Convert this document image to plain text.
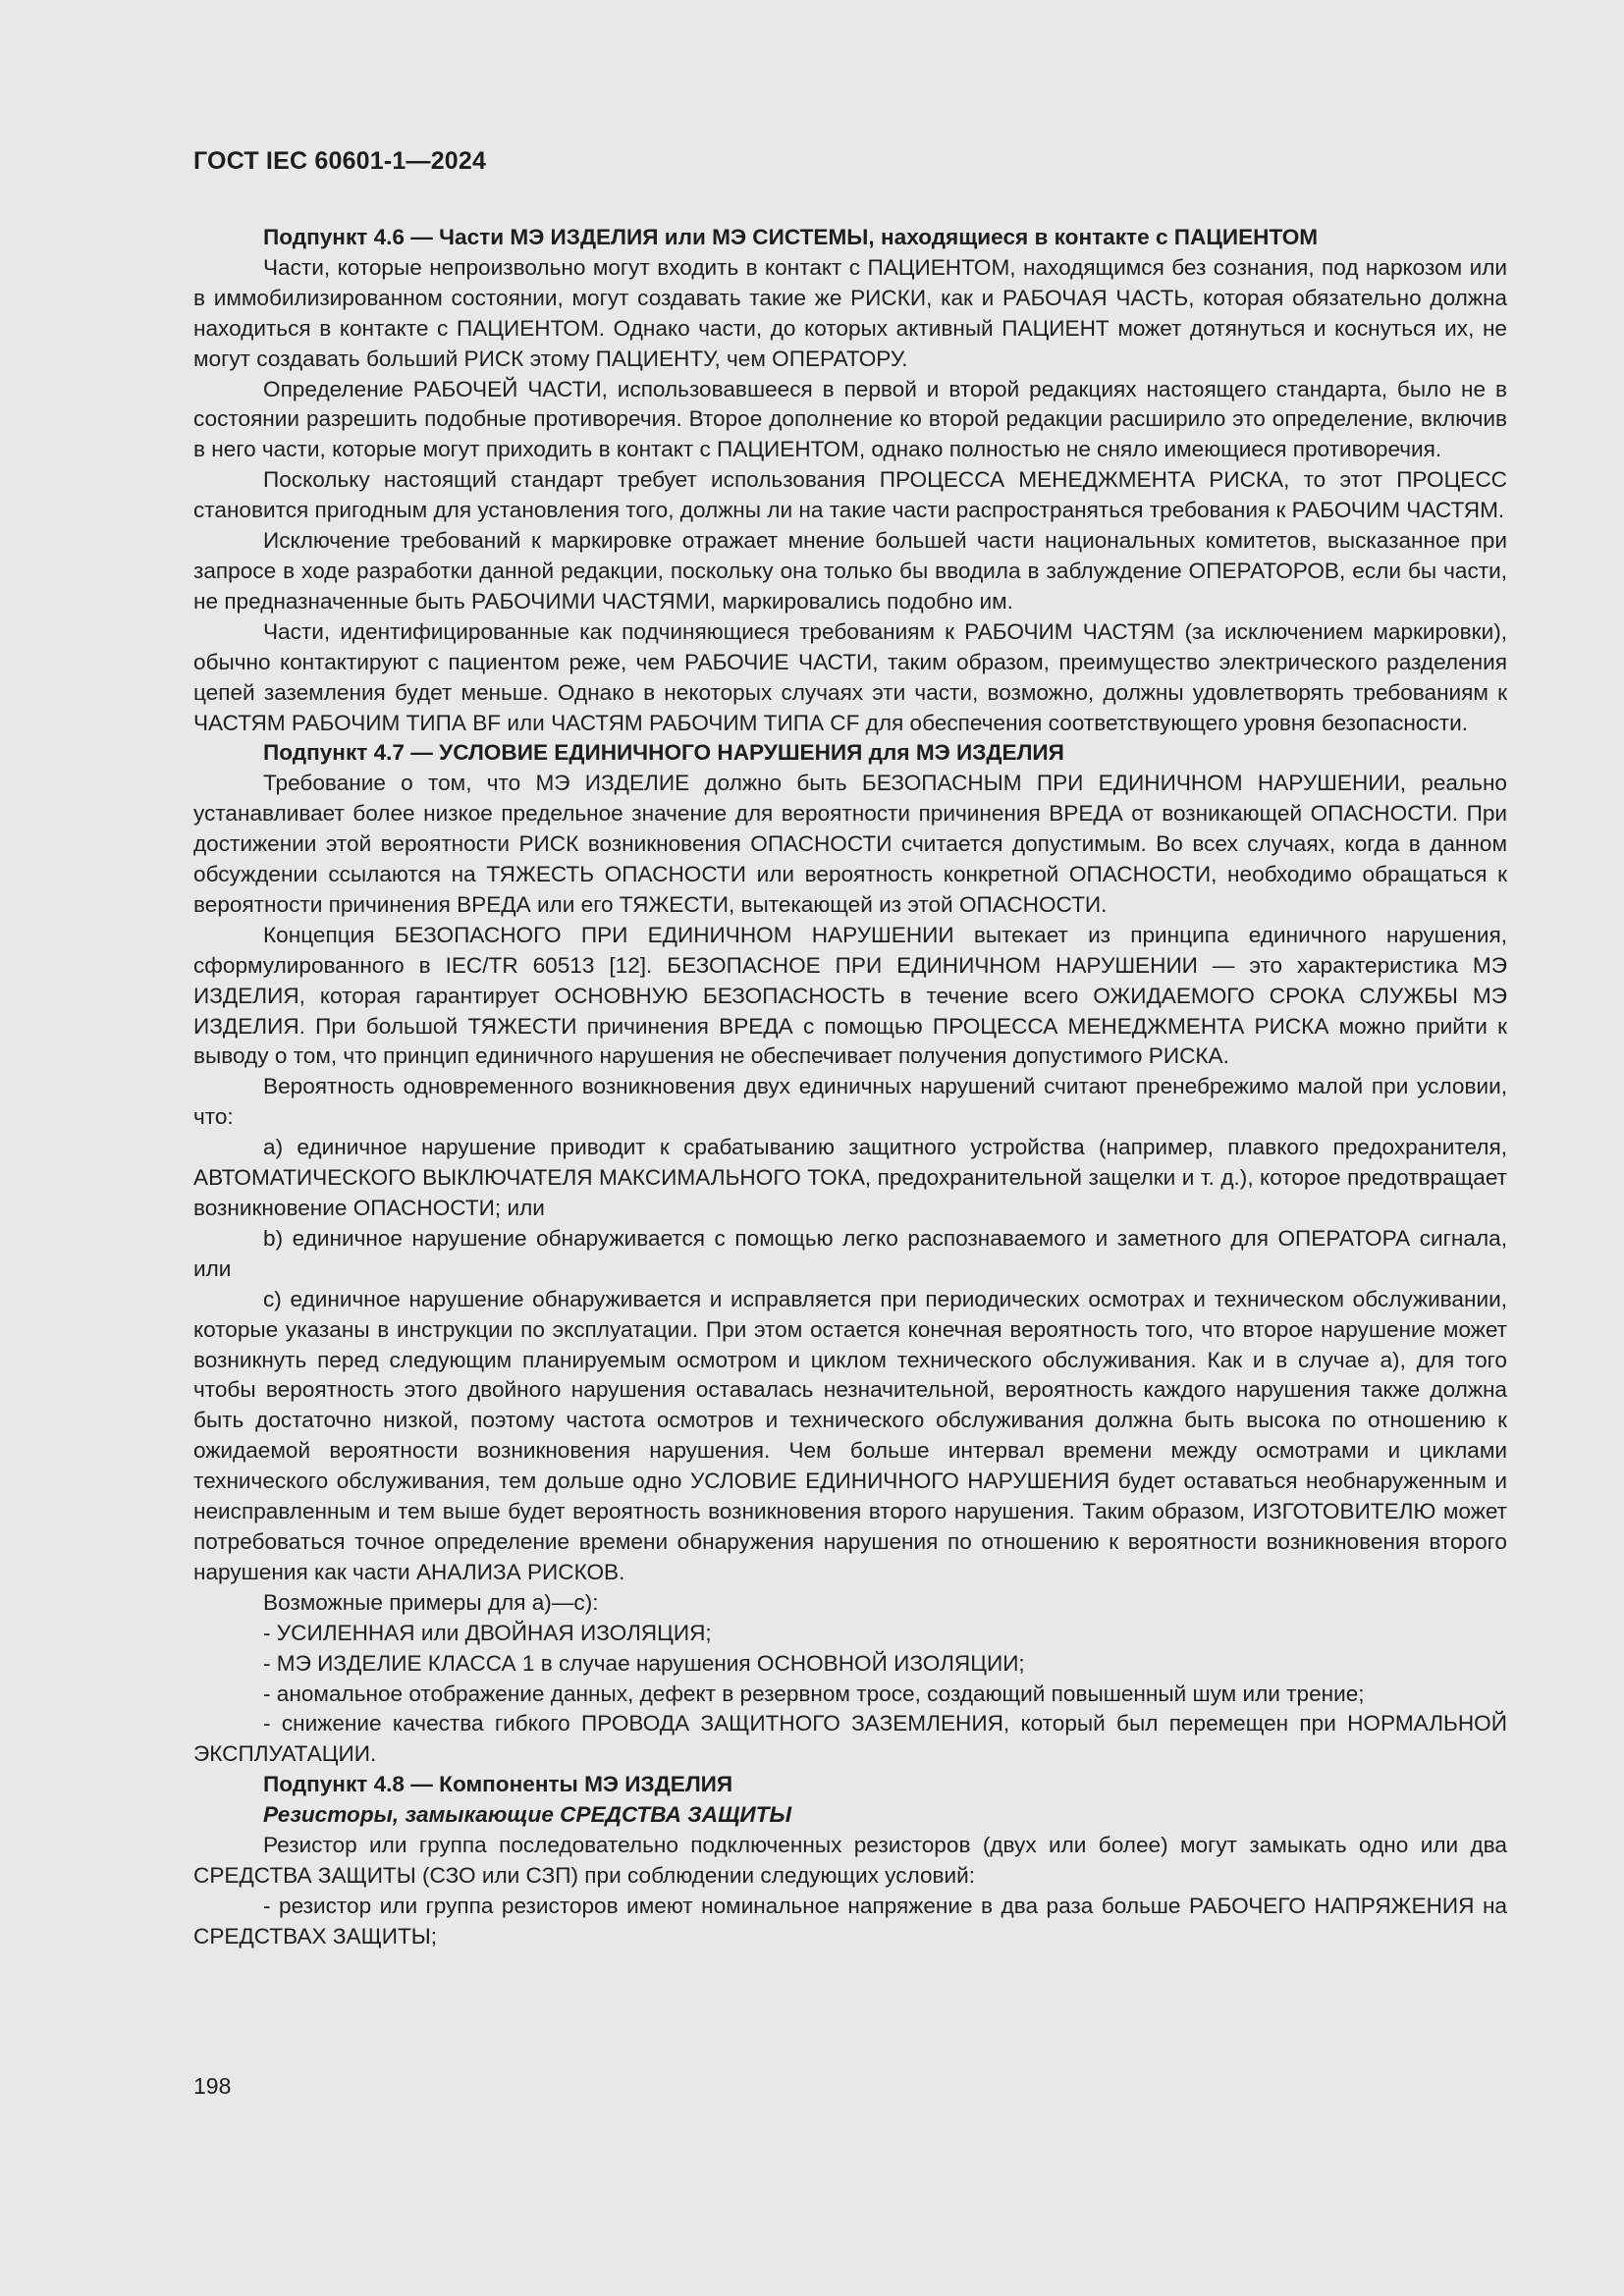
ГОСТ IEC 60601-1—2024

Подпункт 4.6 — Части МЭ ИЗДЕЛИЯ или МЭ СИСТЕМЫ, находящиеся в контакте с ПАЦИЕНТОМ

Части, которые непроизвольно могут входить в контакт с ПАЦИЕНТОМ, находящимся без сознания, под наркозом или в иммобилизированном состоянии, могут создавать такие же РИСКИ, как и РАБОЧАЯ ЧАСТЬ, которая обязательно должна находиться в контакте с ПАЦИЕНТОМ. Однако части, до которых активный ПАЦИЕНТ может дотянуться и коснуться их, не могут создавать больший РИСК этому ПАЦИЕНТУ, чем ОПЕРАТОРУ.

Определение РАБОЧЕЙ ЧАСТИ, использовавшееся в первой и второй редакциях настоящего стандарта, было не в состоянии разрешить подобные противоречия. Второе дополнение ко второй редакции расширило это определение, включив в него части, которые могут приходить в контакт с ПАЦИЕНТОМ, однако полностью не сняло имеющиеся противоречия.

Поскольку настоящий стандарт требует использования ПРОЦЕССА МЕНЕДЖМЕНТА РИСКА, то этот ПРОЦЕСС становится пригодным для установления того, должны ли на такие части распространяться требования к РАБОЧИМ ЧАСТЯМ.

Исключение требований к маркировке отражает мнение большей части национальных комитетов, высказанное при запросе в ходе разработки данной редакции, поскольку она только бы вводила в заблуждение ОПЕРАТОРОВ, если бы части, не предназначенные быть РАБОЧИМИ ЧАСТЯМИ, маркировались подобно им.

Части, идентифицированные как подчиняющиеся требованиям к РАБОЧИМ ЧАСТЯМ (за исключением маркировки), обычно контактируют с пациентом реже, чем РАБОЧИЕ ЧАСТИ, таким образом, преимущество электрического разделения цепей заземления будет меньше. Однако в некоторых случаях эти части, возможно, должны удовлетворять требованиям к ЧАСТЯМ РАБОЧИМ ТИПА BF или ЧАСТЯМ РАБОЧИМ ТИПА CF для обеспечения соответствующего уровня безопасности.

Подпункт 4.7 — УСЛОВИЕ ЕДИНИЧНОГО НАРУШЕНИЯ для МЭ ИЗДЕЛИЯ

Требование о том, что МЭ ИЗДЕЛИЕ должно быть БЕЗОПАСНЫМ ПРИ ЕДИНИЧНОМ НАРУШЕНИИ, реально устанавливает более низкое предельное значение для вероятности причинения ВРЕДА от возникающей ОПАСНОСТИ. При достижении этой вероятности РИСК возникновения ОПАСНОСТИ считается допустимым. Во всех случаях, когда в данном обсуждении ссылаются на ТЯЖЕСТЬ ОПАСНОСТИ или вероятность конкретной ОПАСНОСТИ, необходимо обращаться к вероятности причинения ВРЕДА или его ТЯЖЕСТИ, вытекающей из этой ОПАСНОСТИ.

Концепция БЕЗОПАСНОГО ПРИ ЕДИНИЧНОМ НАРУШЕНИИ вытекает из принципа единичного нарушения, сформулированного в IEC/TR 60513 [12]. БЕЗОПАСНОЕ ПРИ ЕДИНИЧНОМ НАРУШЕНИИ — это характеристика МЭ ИЗДЕЛИЯ, которая гарантирует ОСНОВНУЮ БЕЗОПАСНОСТЬ в течение всего ОЖИДАЕМОГО СРОКА СЛУЖБЫ МЭ ИЗДЕЛИЯ. При большой ТЯЖЕСТИ причинения ВРЕДА с помощью ПРОЦЕССА МЕНЕДЖМЕНТА РИСКА можно прийти к выводу о том, что принцип единичного нарушения не обеспечивает получения допустимого РИСКА.

Вероятность одновременного возникновения двух единичных нарушений считают пренебрежимо малой при условии, что:

a) единичное нарушение приводит к срабатыванию защитного устройства (например, плавкого предохранителя, АВТОМАТИЧЕСКОГО ВЫКЛЮЧАТЕЛЯ МАКСИМАЛЬНОГО ТОКА, предохранительной защелки и т. д.), которое предотвращает возникновение ОПАСНОСТИ; или

b) единичное нарушение обнаруживается с помощью легко распознаваемого и заметного для ОПЕРАТОРА сигнала, или

c) единичное нарушение обнаруживается и исправляется при периодических осмотрах и техническом обслуживании, которые указаны в инструкции по эксплуатации. При этом остается конечная вероятность того, что второе нарушение может возникнуть перед следующим планируемым осмотром и циклом технического обслуживания. Как и в случае a), для того чтобы вероятность этого двойного нарушения оставалась незначительной, вероятность каждого нарушения также должна быть достаточно низкой, поэтому частота осмотров и технического обслуживания должна быть высока по отношению к ожидаемой вероятности возникновения нарушения. Чем больше интервал времени между осмотрами и циклами технического обслуживания, тем дольше одно УСЛОВИЕ ЕДИНИЧНОГО НАРУШЕНИЯ будет оставаться необнаруженным и неисправленным и тем выше будет вероятность возникновения второго нарушения. Таким образом, ИЗГОТОВИТЕЛЮ может потребоваться точное определение времени обнаружения нарушения по отношению к вероятности возникновения второго нарушения как части АНАЛИЗА РИСКОВ.

Возможные примеры для a)—c):

- УСИЛЕННАЯ или ДВОЙНАЯ ИЗОЛЯЦИЯ;

- МЭ ИЗДЕЛИЕ КЛАССА 1 в случае нарушения ОСНОВНОЙ ИЗОЛЯЦИИ;

- аномальное отображение данных, дефект в резервном тросе, создающий повышенный шум или трение;

- снижение качества гибкого ПРОВОДА ЗАЩИТНОГО ЗАЗЕМЛЕНИЯ, который был перемещен при НОРМАЛЬНОЙ ЭКСПЛУАТАЦИИ.

Подпункт 4.8 — Компоненты МЭ ИЗДЕЛИЯ

Резисторы, замыкающие СРЕДСТВА ЗАЩИТЫ

Резистор или группа последовательно подключенных резисторов (двух или более) могут замыкать одно или два СРЕДСТВА ЗАЩИТЫ (СЗО или СЗП) при соблюдении следующих условий:

- резистор или группа резисторов имеют номинальное напряжение в два раза больше РАБОЧЕГО НАПРЯЖЕНИЯ на СРЕДСТВАХ ЗАЩИТЫ;

198
